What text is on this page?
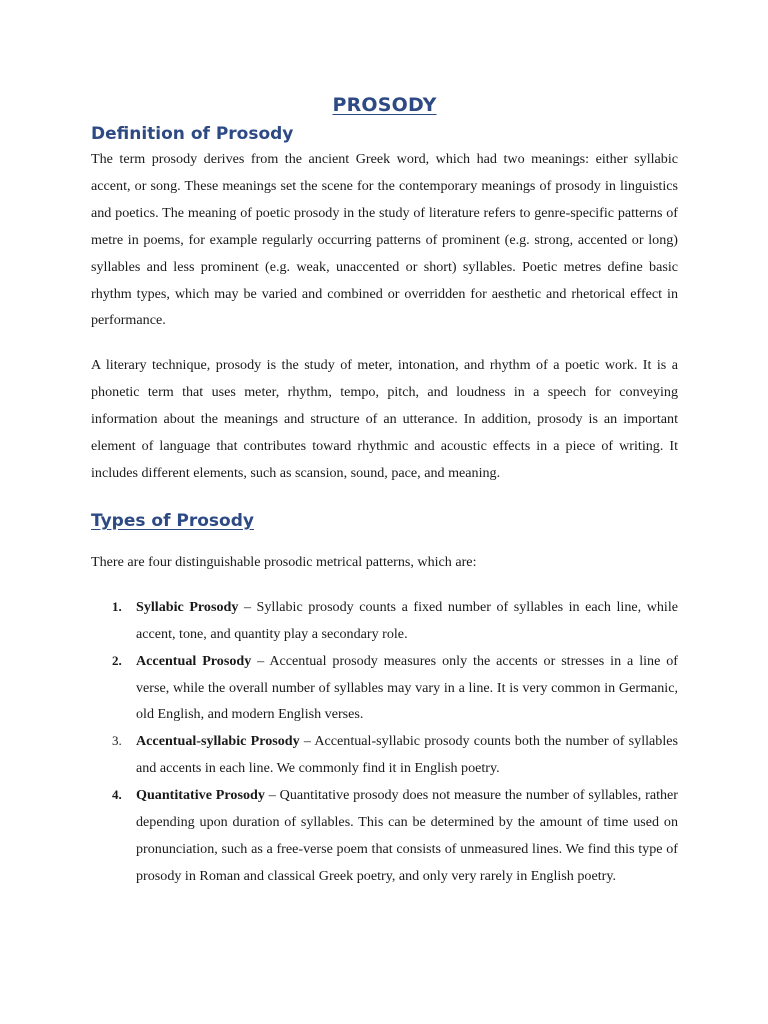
PROSODY
Definition of Prosody

The term prosody derives from the ancient Greek word, which had two meanings: either syllabic accent, or song. These meanings set the scene for the contemporary meanings of prosody in linguistics and poetics. The meaning of poetic prosody in the study of literature refers to genre-specific patterns of metre in poems, for example regularly occurring patterns of prominent (e.g. strong, accented or long) syllables and less prominent (e.g. weak, unaccented or short) syllables. Poetic metres define basic rhythm types, which may be varied and combined or overridden for aesthetic and rhetorical effect in performance.

A literary technique, prosody is the study of meter, intonation, and rhythm of a poetic work. It is a phonetic term that uses meter, rhythm, tempo, pitch, and loudness in a speech for conveying information about the meanings and structure of an utterance. In addition, prosody is an important element of language that contributes toward rhythmic and acoustic effects in a piece of writing. It includes different elements, such as scansion, sound, pace, and meaning.

Types of Prosody

There are four distinguishable prosodic metrical patterns, which are:

1. Syllabic Prosody – Syllabic prosody counts a fixed number of syllables in each line, while accent, tone, and quantity play a secondary role.
2. Accentual Prosody – Accentual prosody measures only the accents or stresses in a line of verse, while the overall number of syllables may vary in a line. It is very common in Germanic, old English, and modern English verses.
3. Accentual-syllabic Prosody – Accentual-syllabic prosody counts both the number of syllables and accents in each line. We commonly find it in English poetry.
4. Quantitative Prosody – Quantitative prosody does not measure the number of syllables, rather depending upon duration of syllables. This can be determined by the amount of time used on pronunciation, such as a free-verse poem that consists of unmeasured lines. We find this type of prosody in Roman and classical Greek poetry, and only very rarely in English poetry.
